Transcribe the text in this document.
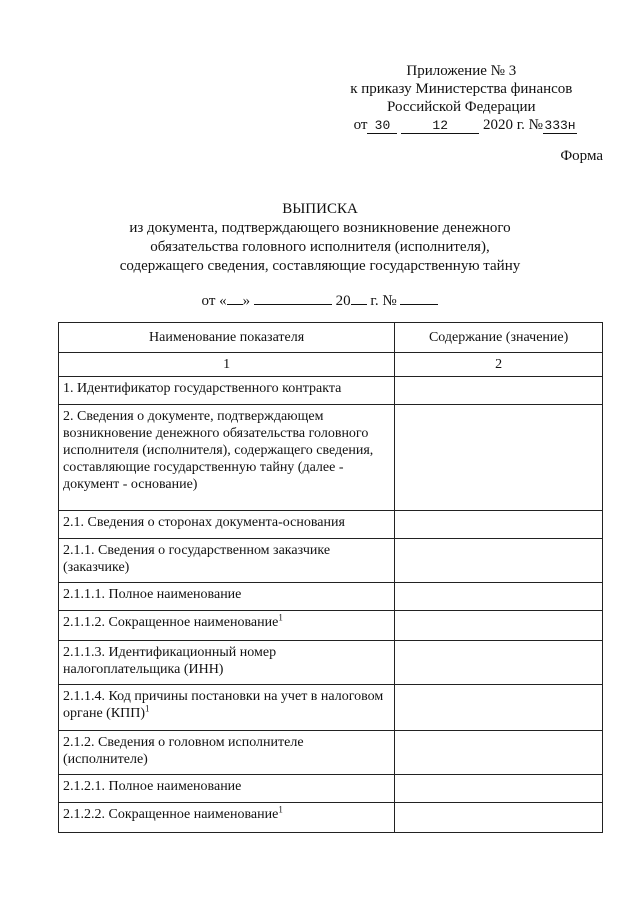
Приложение № 3
к приказу Министерства финансов
Российской Федерации
от 30	12 2020 г. №333н
Форма
ВЫПИСКА
из документа, подтверждающего возникновение денежного
обязательства головного исполнителя (исполнителя),
содержащего сведения, составляющие государственную тайну
от « »	20 г. №
Наименование показателя	Содержание (значение)
1	2
1. Идентификатор государственного контракта	
2. Сведения о документе, подтверждающем возникновение денежного обязательства головного исполнителя (исполнителя), содержащего сведения, составляющие государственную тайну (далее - документ - основание)	
2.1. Сведения о сторонах документа-основания	
2.1.1. Сведения о государственном заказчике (заказчике)	
2.1.1.1. Полное наименование	
2.1.1.2. Сокращенное наименование$^1$	
2.1.1.3. Идентификационный номер налогоплательщика (ИНН)	
2.1.1.4. Код причины постановки на учет в налоговом органе (КПП)$^1$	
2.1.2. Сведения о головном исполнителе (исполнителе)	
2.1.2.1. Полное наименование	
2.1.2.2. Сокращенное наименование$^1$	
